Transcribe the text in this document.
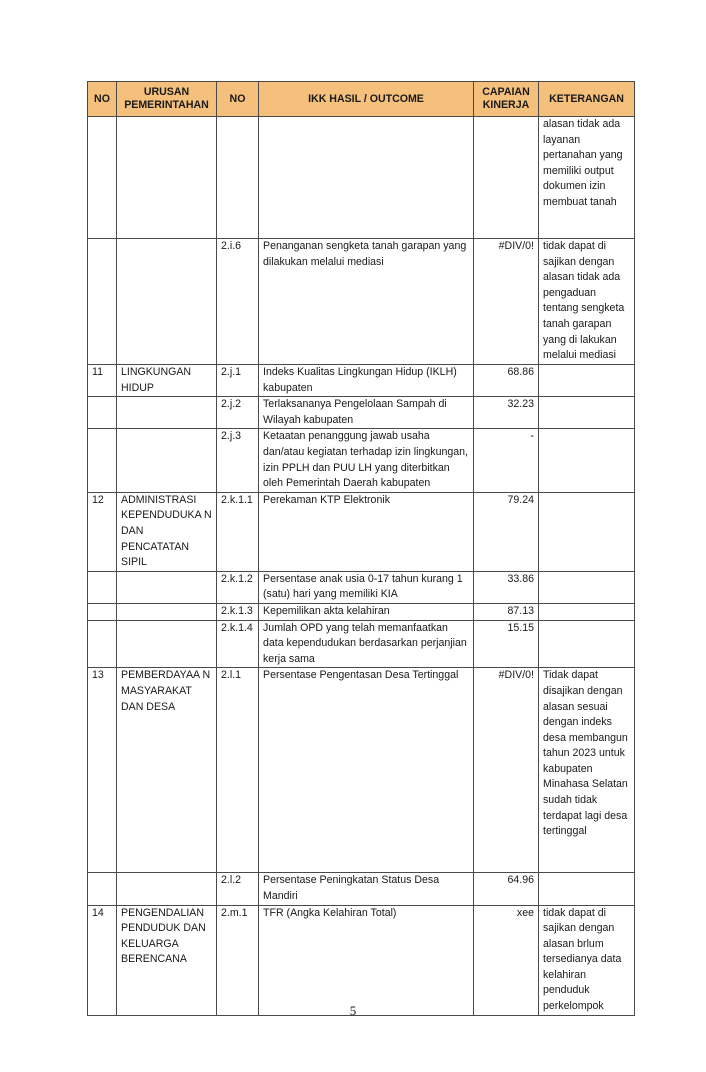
NO	URUSAN PEMERINTAHAN	NO	IKK HASIL / OUTCOME	CAPAIAN KINERJA	KETERANGAN
					alasan tidak ada layanan pertanahan yang memiliki output dokumen izin membuat tanah
		2.i.6	Penanganan sengketa tanah garapan yang dilakukan melalui mediasi	#DIV/0!	tidak dapat di sajikan dengan alasan tidak ada pengaduan tentang sengketa tanah garapan yang di lakukan melalui mediasi
11	LINGKUNGAN HIDUP	2.j.1	Indeks Kualitas Lingkungan Hidup (IKLH) kabupaten	68.86	
		2.j.2	Terlaksananya Pengelolaan Sampah di Wilayah kabupaten	32.23	
		2.j.3	Ketaatan penanggung jawab usaha dan/atau kegiatan terhadap izin lingkungan, izin PPLH dan PUU LH yang diterbitkan oleh Pemerintah Daerah kabupaten	-	
12	ADMINISTRASI KEPENDUDUKA N DAN PENCATATAN SIPIL	2.k.1.1	Perekaman KTP Elektronik	79.24	
		2.k.1.2	Persentase anak usia 0-17 tahun kurang 1 (satu) hari yang memiliki KIA	33.86	
		2.k.1.3	Kepemilikan akta kelahiran	87.13	
		2.k.1.4	Jumlah OPD yang telah memanfaatkan data kependudukan berdasarkan perjanjian kerja sama	15.15	
13	PEMBERDAYAA N MASYARAKAT DAN DESA	2.l.1	Persentase Pengentasan Desa Tertinggal	#DIV/0!	Tidak dapat disajikan dengan alasan sesuai dengan indeks desa membangun tahun 2023 untuk kabupaten Minahasa Selatan sudah tidak terdapat lagi desa tertinggal
		2.l.2	Persentase Peningkatan Status Desa Mandiri	64.96	
14	PENGENDALIAN PENDUDUK DAN KELUARGA BERENCANA	2.m.1	TFR (Angka Kelahiran Total)	xee	tidak dapat di sajikan dengan alasan brlum tersedianya data kelahiran penduduk perkelompok
5
